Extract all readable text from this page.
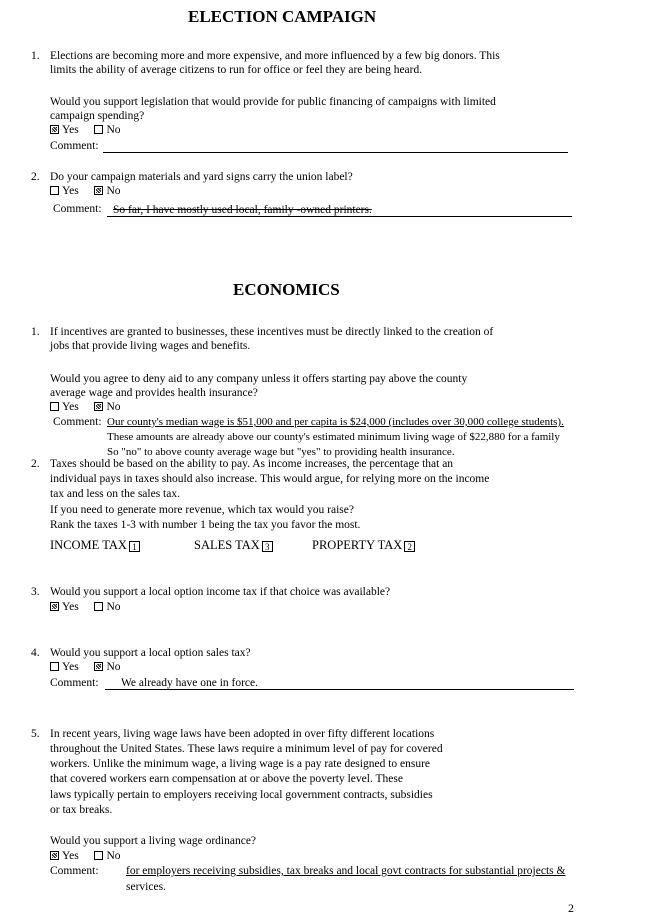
ELECTION CAMPAIGN
1. Elections are becoming more and more expensive, and more influenced by a few big donors. This
limits the ability of average citizens to run for office or feel they are being heard.
Would you support legislation that would provide for public financing of campaigns with limited
campaign spending?
Yes No
Comment:
2. Do your campaign materials and yard signs carry the union label?
Yes No
Comment: So far, I have mostly used local, family -owned printers.
ECONOMICS
1. If incentives are granted to businesses, these incentives must be directly linked to the creation of
jobs that provide living wages and benefits.
Would you agree to deny aid to any company unless it offers starting pay above the county
average wage and provides health insurance?
Yes No
Comment: Our county's median wage is $51,000 and per capita is $24,000 (includes over 30,000 college students).
These amounts are already above our county's estimated minimum living wage of $22,880 for a family
So "no" to above county average wage but "yes" to providing health insurance.
2. Taxes should be based on the ability to pay. As income increases, the percentage that an
individual pays in taxes should also increase. This would argue, for relying more on the income
tax and less on the sales tax.
If you need to generate more revenue, which tax would you raise?
Rank the taxes 1-3 with number 1 being the tax you favor the most.
INCOME TAX 1	SALES TAX 3	PROPERTY TAX 2
3. Would you support a local option income tax if that choice was available?
Yes No
4. Would you support a local option sales tax?
Yes No
Comment: We already have one in force.
5. In recent years, living wage laws have been adopted in over fifty different locations
throughout the United States. These laws require a minimum level of pay for covered
workers. Unlike the minimum wage, a living wage is a pay rate designed to ensure
that covered workers earn compensation at or above the poverty level. These
laws typically pertain to employers receiving local government contracts, subsidies
or tax breaks.
Would you support a living wage ordinance?
Yes No
Comment: for employers receiving subsidies, tax breaks and local govt contracts for substantial projects &
services.
2
